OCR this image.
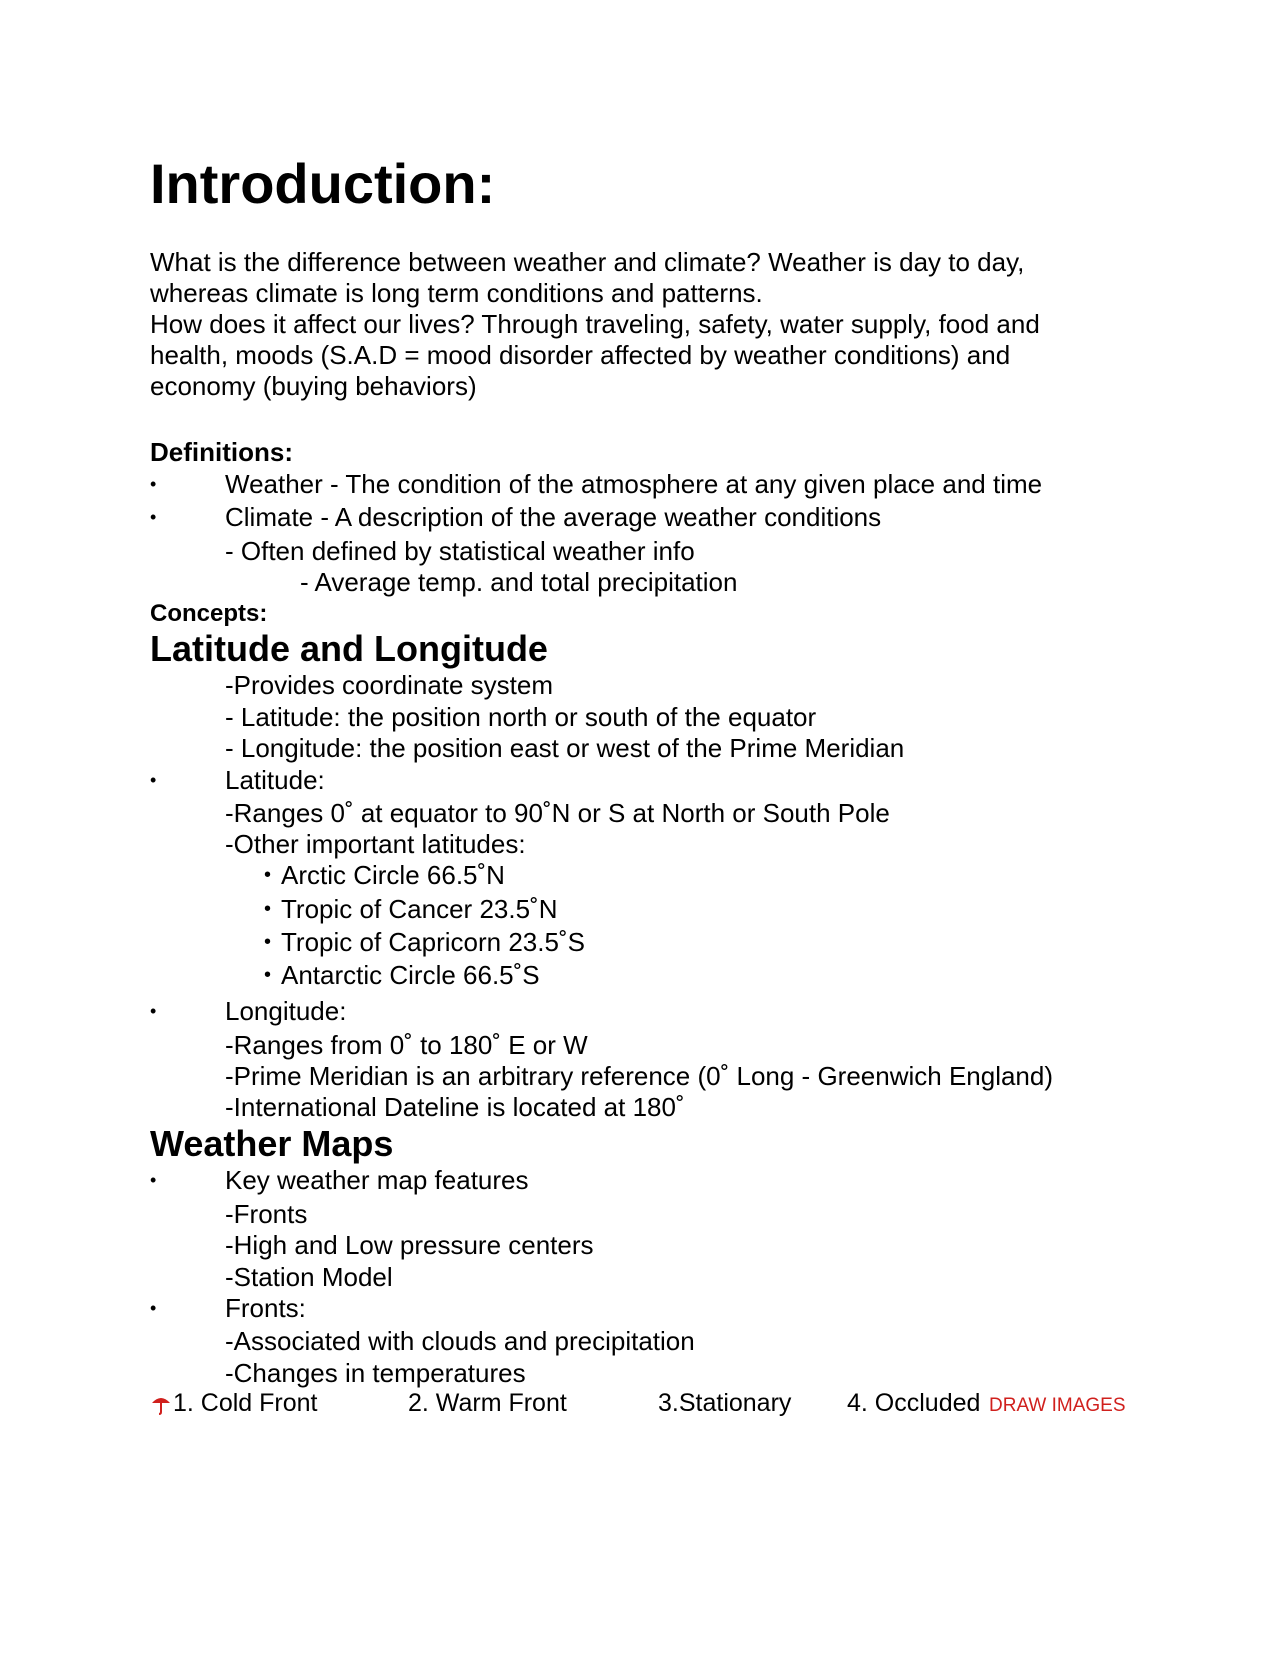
Introduction:

What is the difference between weather and climate? Weather is day to day, whereas climate is long term conditions and patterns.

How does it affect our lives? Through traveling, safety, water supply, food and health, moods (S.A.D = mood disorder affected by weather conditions) and economy (buying behaviors)

Definitions:
•	Weather - The condition of the atmosphere at any given place and time
•	Climate - A description of the average weather conditions
- Often defined by statistical weather info
- Average temp. and total precipitation
Concepts:
Latitude and Longitude
-Provides coordinate system
- Latitude: the position north or south of the equator
- Longitude: the position east or west of the Prime Meridian
•	Latitude:
-Ranges 0˚ at equator to 90˚N or S at North or South Pole
-Other important latitudes:
• Arctic Circle 66.5˚N
• Tropic of Cancer 23.5˚N
• Tropic of Capricorn 23.5˚S
• Antarctic Circle 66.5˚S
•	Longitude:
-Ranges from 0˚ to 180˚ E or W
-Prime Meridian is an arbitrary reference (0˚ Long - Greenwich England)
-International Dateline is located at 180˚
Weather Maps
•	Key weather map features
-Fronts
-High and Low pressure centers
-Station Model
•	Fronts:
-Associated with clouds and precipitation
-Changes in temperatures
1. Cold Front	2. Warm Front	3.Stationary 4. Occluded DRAW IMAGES
